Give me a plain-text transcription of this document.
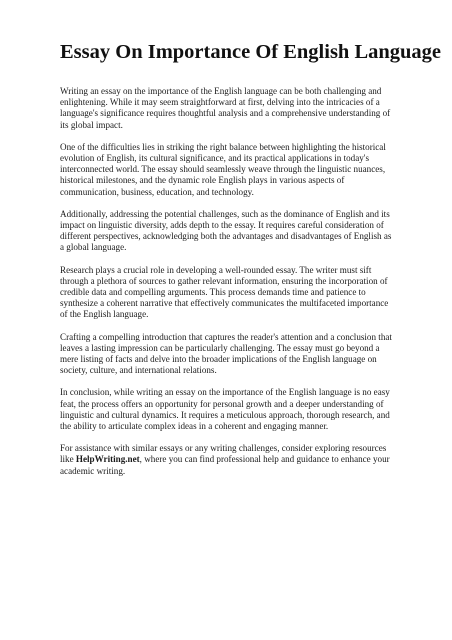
Essay On Importance Of English Language

Writing an essay on the importance of the English language can be both challenging and enlightening. While it may seem straightforward at first, delving into the intricacies of a language's significance requires thoughtful analysis and a comprehensive understanding of its global impact.

One of the difficulties lies in striking the right balance between highlighting the historical evolution of English, its cultural significance, and its practical applications in today's interconnected world. The essay should seamlessly weave through the linguistic nuances, historical milestones, and the dynamic role English plays in various aspects of communication, business, education, and technology.

Additionally, addressing the potential challenges, such as the dominance of English and its impact on linguistic diversity, adds depth to the essay. It requires careful consideration of different perspectives, acknowledging both the advantages and disadvantages of English as a global language.

Research plays a crucial role in developing a well-rounded essay. The writer must sift through a plethora of sources to gather relevant information, ensuring the incorporation of credible data and compelling arguments. This process demands time and patience to synthesize a coherent narrative that effectively communicates the multifaceted importance of the English language.

Crafting a compelling introduction that captures the reader's attention and a conclusion that leaves a lasting impression can be particularly challenging. The essay must go beyond a mere listing of facts and delve into the broader implications of the English language on society, culture, and international relations.

In conclusion, while writing an essay on the importance of the English language is no easy feat, the process offers an opportunity for personal growth and a deeper understanding of linguistic and cultural dynamics. It requires a meticulous approach, thorough research, and the ability to articulate complex ideas in a coherent and engaging manner.

For assistance with similar essays or any writing challenges, consider exploring resources like HelpWriting.net, where you can find professional help and guidance to enhance your academic writing.
